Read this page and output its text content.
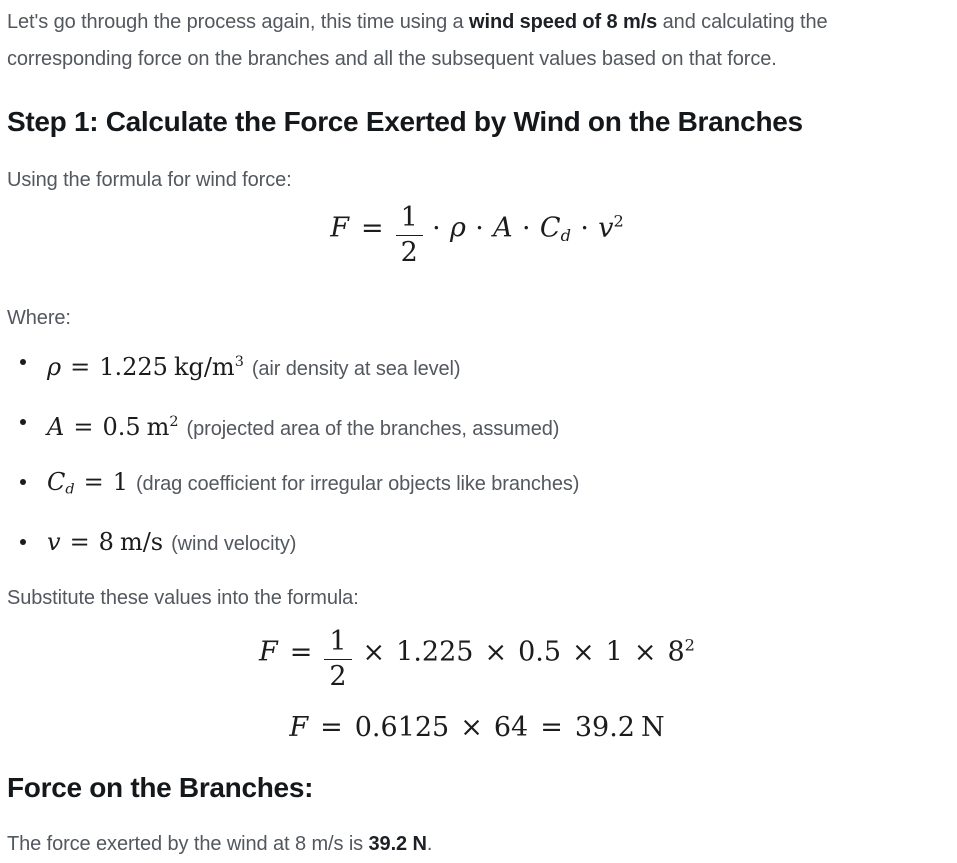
Let's go through the process again, this time using a wind speed of 8 m/s and calculating the corresponding force on the branches and all the subsequent values based on that force.

Step 1: Calculate the Force Exerted by Wind on the Branches

Using the formula for wind force:

$F = \frac{1}{2} \cdot \rho \cdot A \cdot Cd \cdot v^2$

Where:

ρ = 1.225 $kg/m^3$ (air density at sea level)
A = 0.5 $m^2$ (projected area of the branches, assumed)
Cd = 1 (drag coefficient for irregular objects like branches)
v = 8 m/s (wind velocity)

Substitute these values into the formula:

$F = \frac{1}{2} \times 1.225 \times 0.5 \times 1 \times 8^2$
F = 0.6125 × 64 = 39.2 N
Force on the Branches:

The force exerted by the wind at 8 m/s is 39.2 N.
